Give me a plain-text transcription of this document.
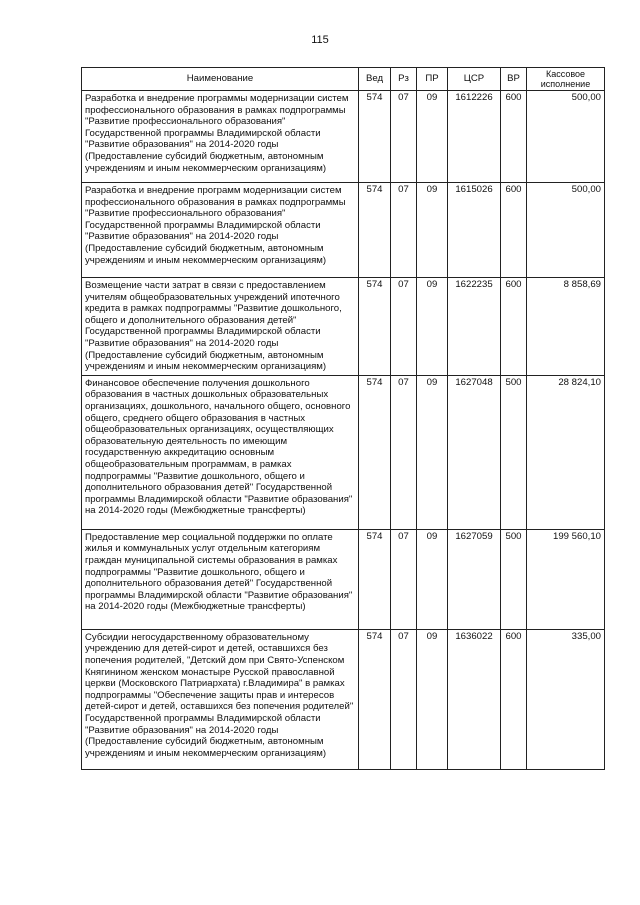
115
Наименование	Вед	Рз	ПР	ЦСР	ВР	Кассовое исполнение
Разработка и внедрение программы модернизации систем профессионального образования в рамках подпрограммы "Развитие профессионального образования" Государственной программы Владимирской области "Развитие образования" на 2014-2020 годы (Предоставление субсидий бюджетным, автономным учреждениям и иным некоммерческим организациям)	574	07	09	1612226	600	500,00
Разработка и внедрение программ модернизации систем профессионального образования в рамках подпрограммы "Развитие профессионального образования" Государственной программы Владимирской области "Развитие образования" на 2014-2020 годы (Предоставление субсидий бюджетным, автономным учреждениям и иным некоммерческим организациям)	574	07	09	1615026	600	500,00
Возмещение части затрат в связи с предоставлением учителям общеобразовательных учреждений ипотечного кредита в рамках подпрограммы "Развитие дошкольного, общего и дополнительного образования детей" Государственной программы Владимирской области "Развитие образования" на 2014-2020 годы (Предоставление субсидий бюджетным, автономным учреждениям и иным некоммерческим организациям)	574	07	09	1622235	600	8 858,69
Финансовое обеспечение получения дошкольного образования в частных дошкольных образовательных организациях, дошкольного, начального общего, основного общего, среднего общего образования в частных общеобразовательных организациях, осуществляющих образовательную деятельность по имеющим государственную аккредитацию основным общеобразовательным программам, в рамках подпрограммы "Развитие дошкольного, общего и дополнительного образования детей" Государственной программы Владимирской области "Развитие образования" на 2014-2020 годы (Межбюджетные трансферты)	574	07	09	1627048	500	28 824,10
Предоставление мер социальной поддержки по оплате жилья и коммунальных услуг отдельным категориям граждан муниципальной системы образования в рамках подпрограммы "Развитие дошкольного, общего и дополнительного образования детей" Государственной программы Владимирской области "Развитие образования" на 2014-2020 годы (Межбюджетные трансферты)	574	07	09	1627059	500	199 560,10
Субсидии негосударственному образовательному учреждению для детей-сирот и детей, оставшихся без попечения родителей, "Детский дом при Свято-Успенском Княгинином женском монастыре Русской православной церкви (Московского Патриархата) г.Владимира" в рамках подпрограммы "Обеспечение защиты прав и интересов детей-сирот и детей, оставшихся без попечения родителей" Государственной программы Владимирской области "Развитие образования" на 2014-2020 годы (Предоставление субсидий бюджетным, автономным учреждениям и иным некоммерческим организациям)	574	07	09	1636022	600	335,00
